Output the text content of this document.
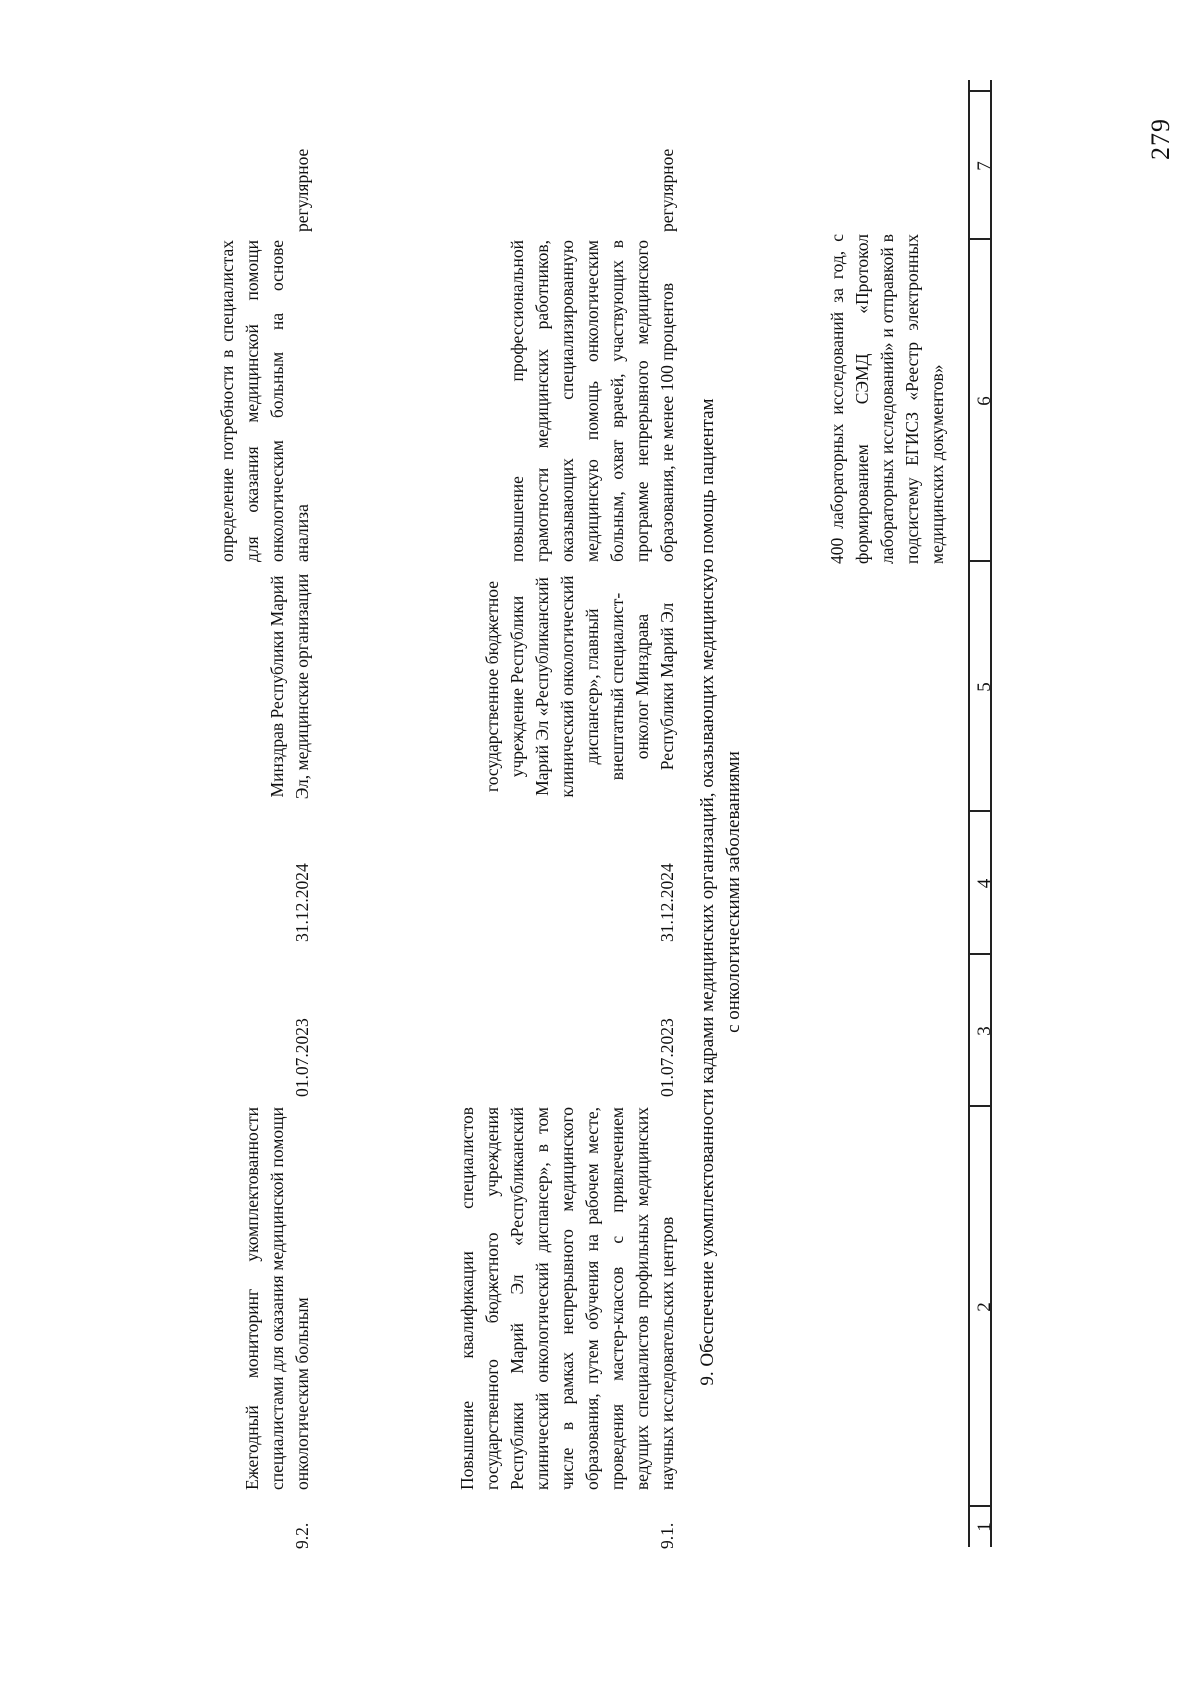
279
1
2
3
4
5
6
7
400 лабораторных исследований за год, с формированием СЭМД «Протокол лабораторных исследований» и отправкой в подсистему ЕГИСЗ «Реестр электронных медицинских документов»
9. Обеспечение укомплектованности кадрами медицинских организаций, оказывающих медицинскую помощь пациентам с онкологическими заболеваниями
9.1.
Повышение квалификации специалистов государственного бюджетного учреждения Республики Марий Эл «Республиканский клинический онкологический диспансер», в том числе в рамках непрерывного медицинского образования, путем обучения на рабочем месте, проведения мастер-классов с привлечением ведущих специалистов профильных медицинских научных исследовательских центров
01.07.2023
31.12.2024
государственное бюджетное учреждение Республики Марий Эл «Республиканский клинический онкологический диспансер», главный внештатный специалист-онколог Минздрава Республики Марий Эл
повышение профессиональной грамотности медицинских работников, оказывающих специализированную медицинскую помощь онкологическим больным, охват врачей, участвующих в программе непрерывного медицинского образования, не менее 100 процентов
регулярное
9.2.
Ежегодный мониторинг укомплектованности специалистами для оказания медицинской помощи онкологическим больным
01.07.2023
31.12.2024
Минздрав Республики Марий Эл, медицинские организации
определение потребности в специалистах для оказания медицинской помощи онкологическим больным на основе анализа
регулярное
